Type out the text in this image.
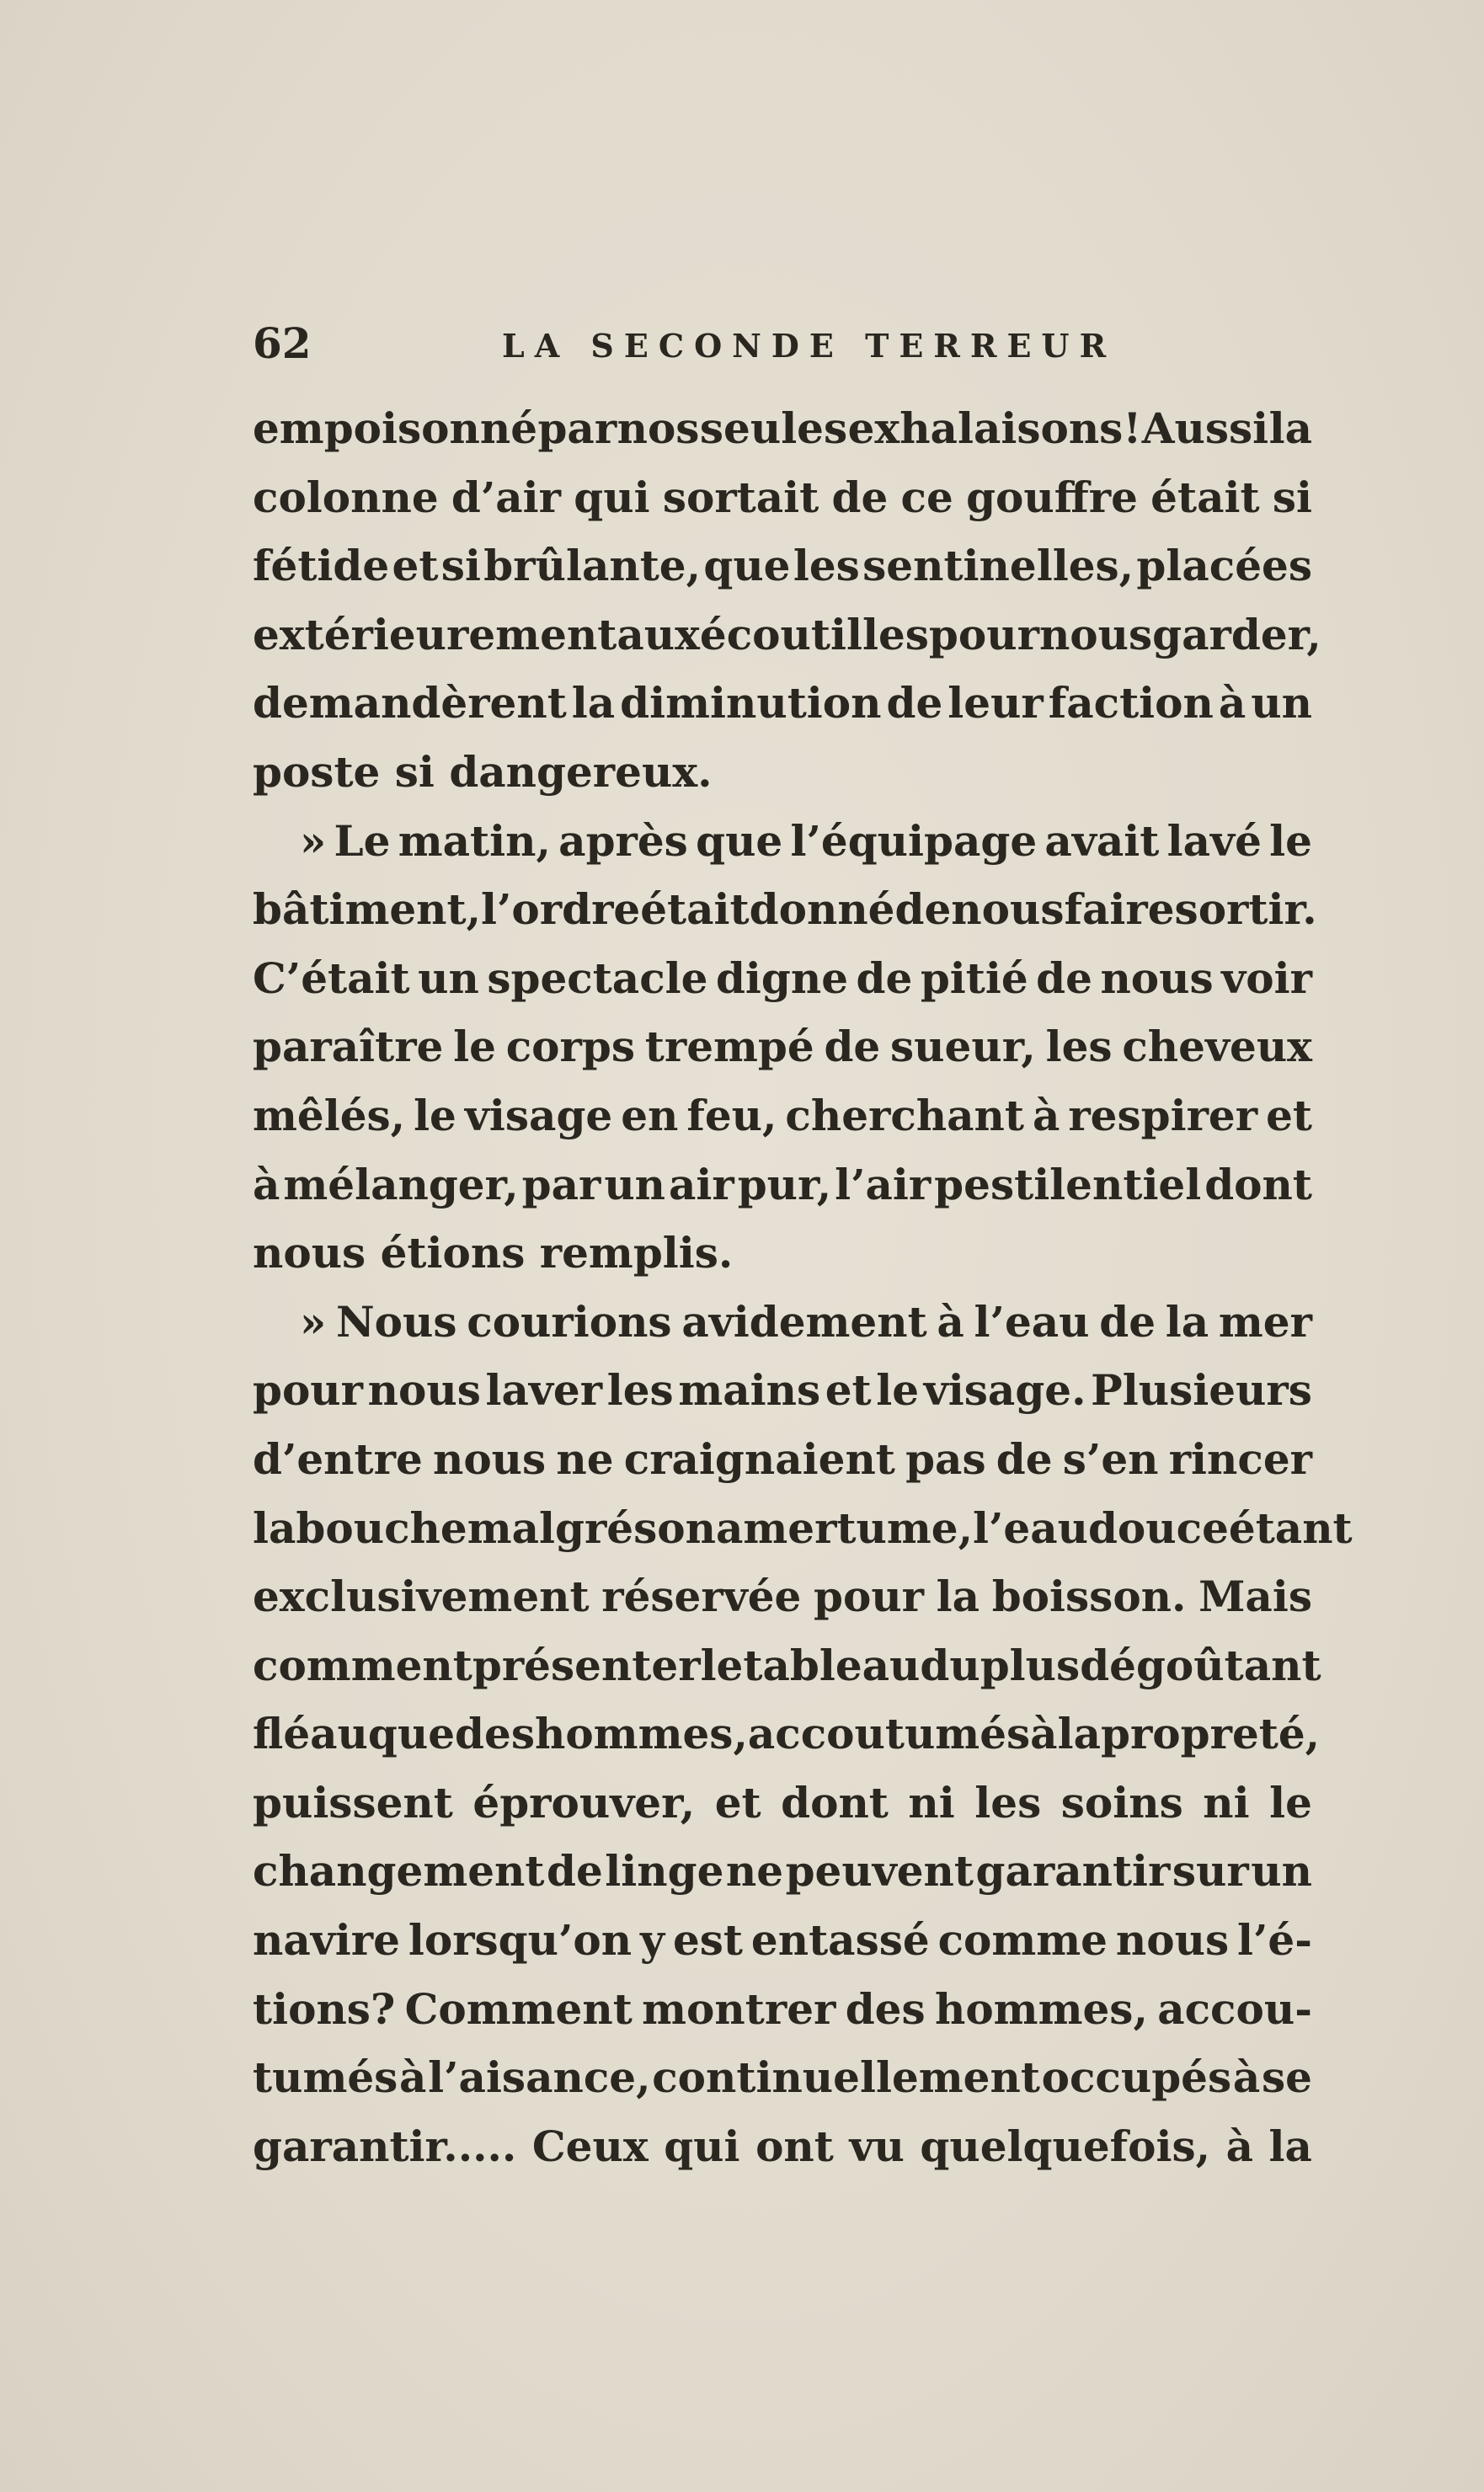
62	LA SECONDE TERREUR
empoisonné par nos seules exhalaisons! Aussi la
colonne d’air qui sortait de ce gouffre était si
fétide et si brûlante, que les sentinelles, placées
extérieurement aux écoutilles pour nous garder,
demandèrent la diminution de leur faction à un
poste si dangereux.
» Le matin, après que l’équipage avait lavé le
bâtiment, l’ordre était donné de nous faire sortir.
C’était un spectacle digne de pitié de nous voir
paraître le corps trempé de sueur, les cheveux
mêlés, le visage en feu, cherchant à respirer et
à mélanger, par un air pur, l’air pestilentiel dont
nous étions remplis.
» Nous courions avidement à l’eau de la mer
pour nous laver les mains et le visage. Plusieurs
d’entre nous ne craignaient pas de s’en rincer
la bouche malgré son amertume, l’eau douce étant
exclusivement réservée pour la boisson. Mais
comment présenter le tableau du plus dégoûtant
fléau que des hommes, accoutumés à la propreté,
puissent éprouver, et dont ni les soins ni le
changement de linge ne peuvent garantir sur un
navire lorsqu’on y est entassé comme nous l’é-
tions? Comment montrer des hommes, accou-
tumés à l’aisance, continuellement occupés à se
garantir..... Ceux qui ont vu quelquefois, à la
